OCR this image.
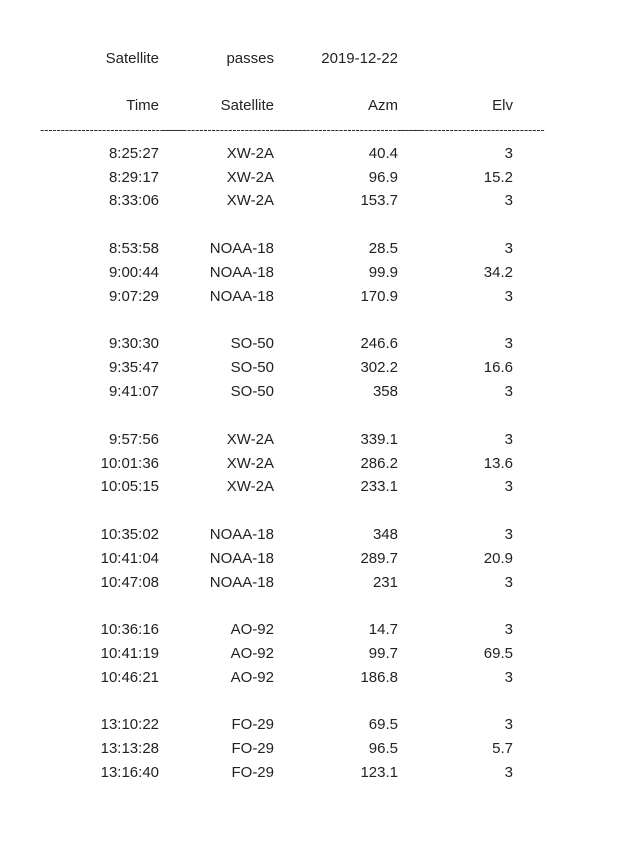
Satellite	passes	2019-12-22
Time	Satellite	Azm	Elv
-----------------------------------
-----------------------------------
-----------------------------------
-----------------------------------
8:25:27	XW-2A	40.4	3
8:29:17	XW-2A	96.9	15.2
8:33:06	XW-2A	153.7	3
8:53:58	NOAA-18	28.5	3
9:00:44	NOAA-18	99.9	34.2
9:07:29	NOAA-18	170.9	3
9:30:30	SO-50	246.6	3
9:35:47	SO-50	302.2	16.6
9:41:07	SO-50	358	3
9:57:56	XW-2A	339.1	3
10:01:36	XW-2A	286.2	13.6
10:05:15	XW-2A	233.1	3
10:35:02	NOAA-18	348	3
10:41:04	NOAA-18	289.7	20.9
10:47:08	NOAA-18	231	3
10:36:16	AO-92	14.7	3
10:41:19	AO-92	99.7	69.5
10:46:21	AO-92	186.8	3
13:10:22	FO-29	69.5	3
13:13:28	FO-29	96.5	5.7
13:16:40	FO-29	123.1	3
